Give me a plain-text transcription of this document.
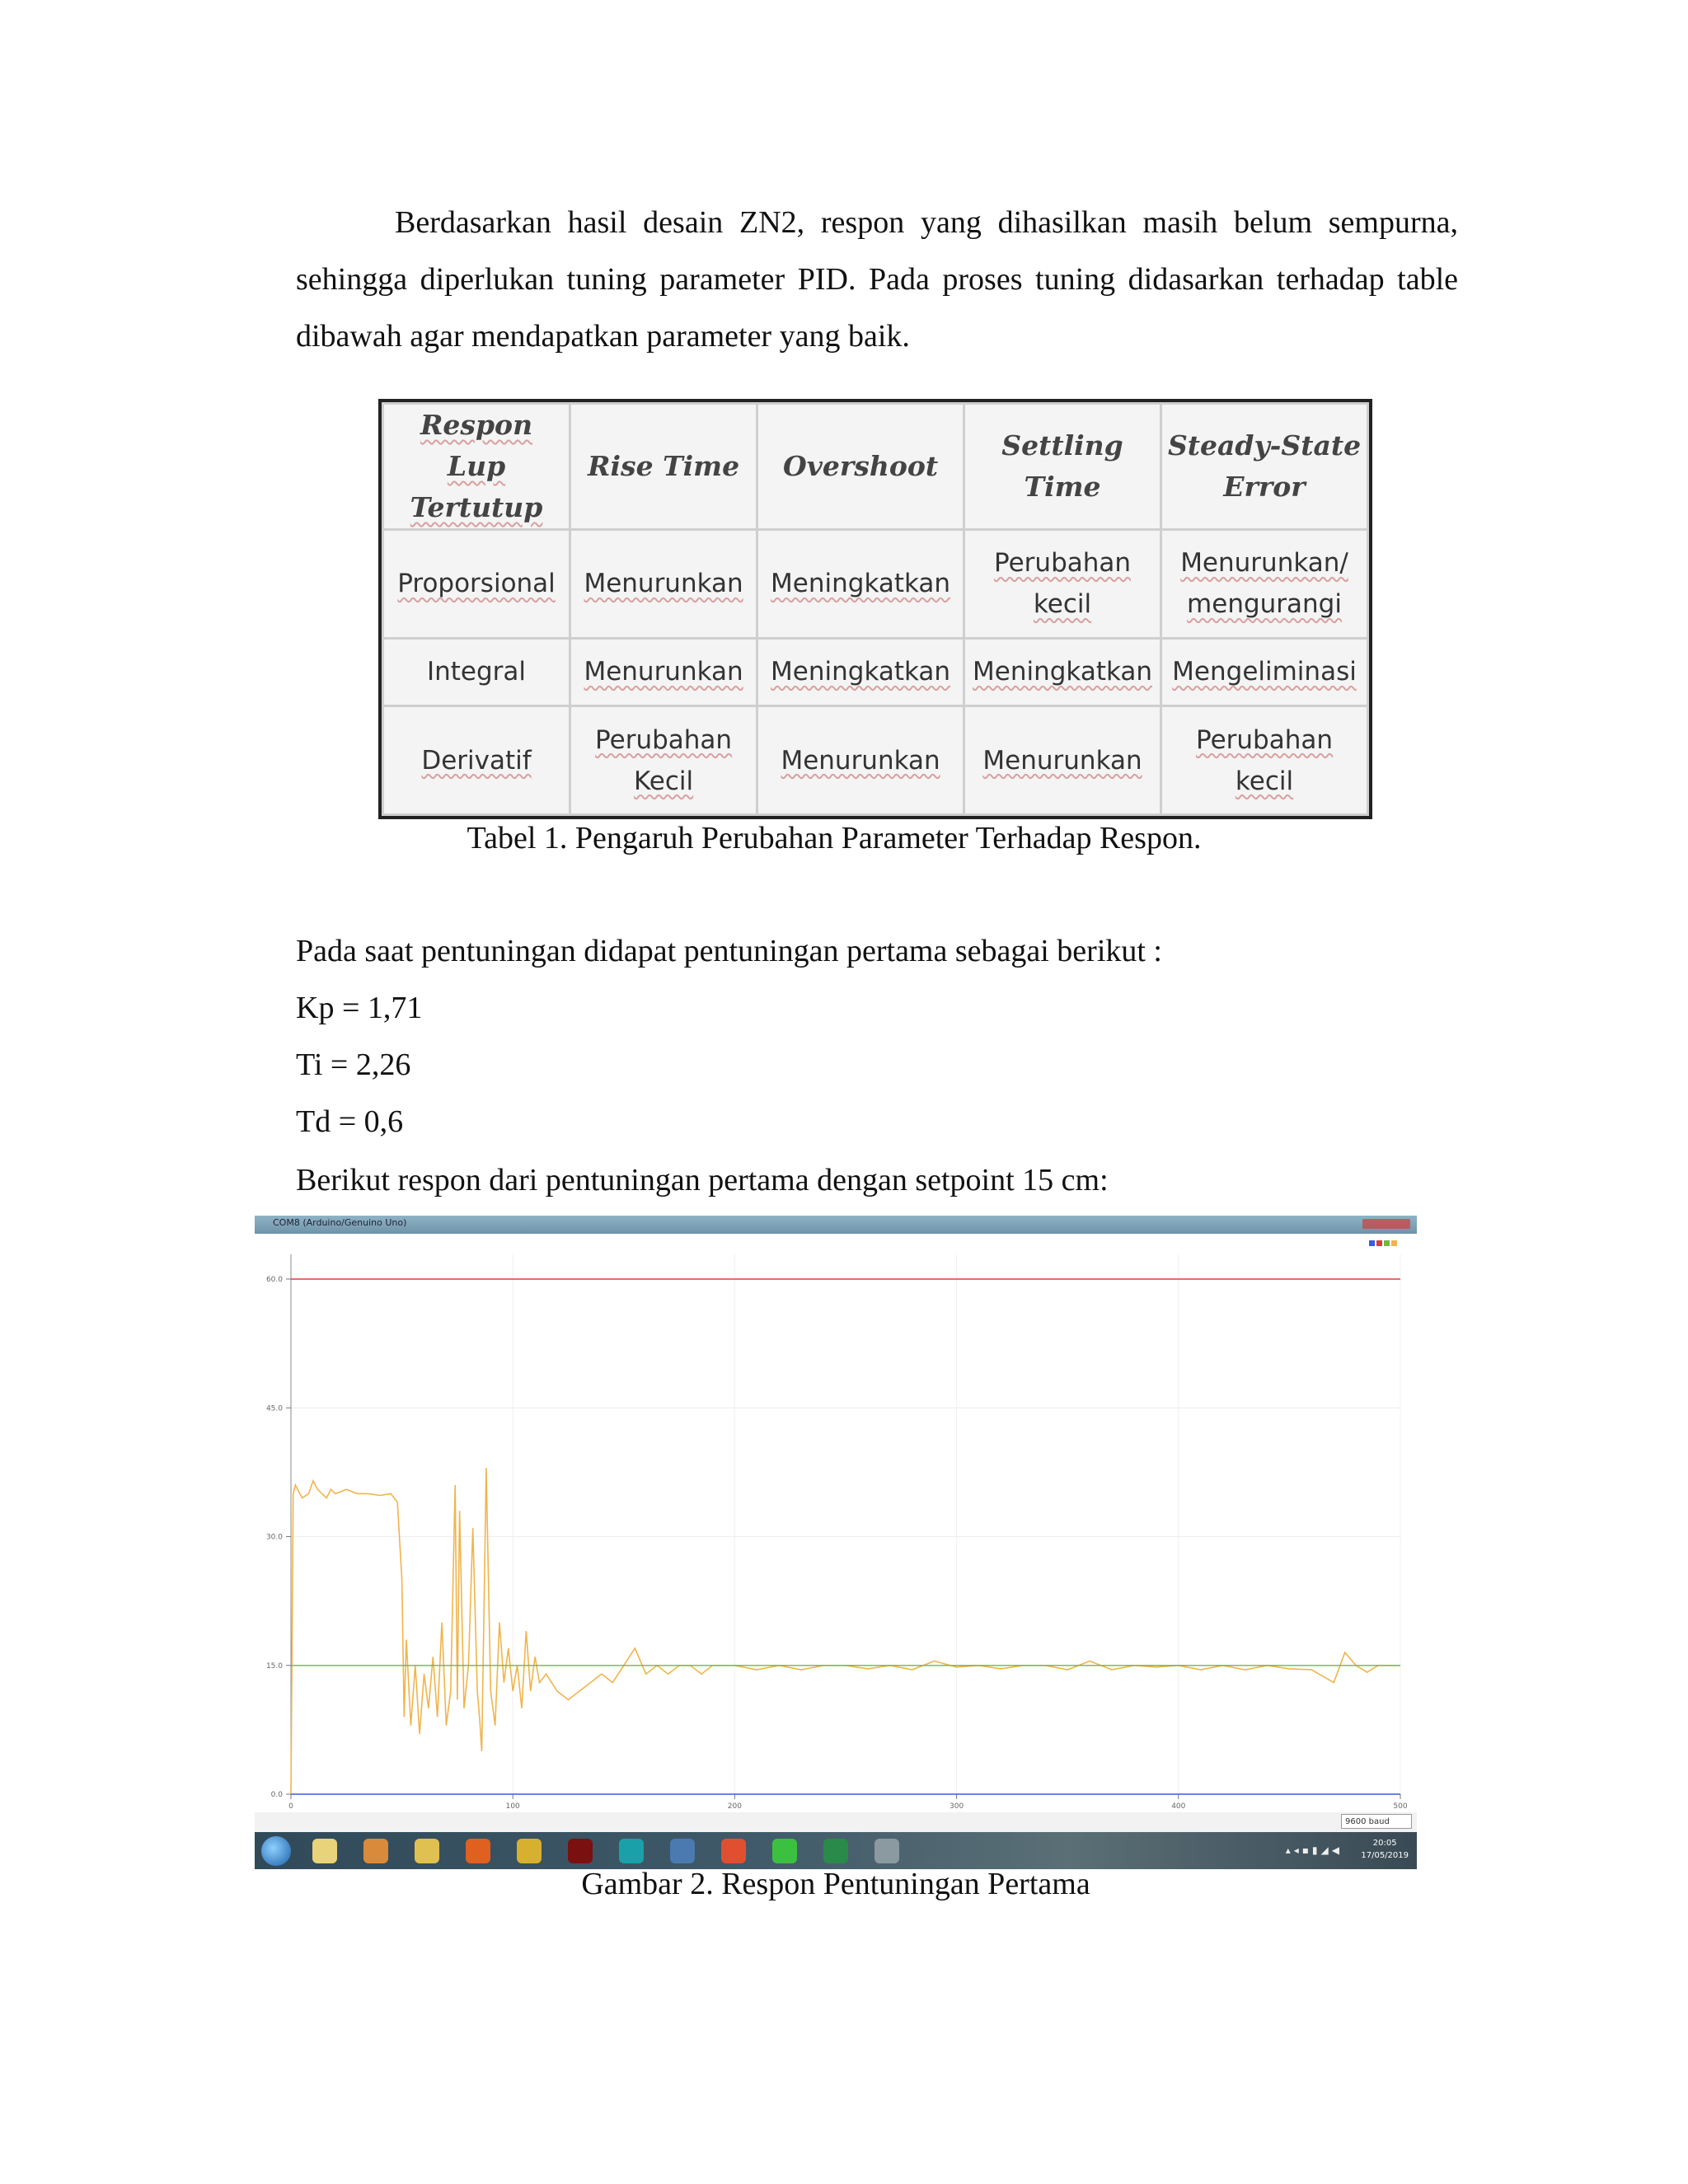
Berdasarkan hasil desain ZN2, respon yang dihasilkan masih belum sempurna, sehingga diperlukan tuning parameter PID. Pada proses tuning didasarkan terhadap table dibawah agar mendapatkan parameter yang baik.

Respon Lup Tertutup	Rise Time	Overshoot	Settling Time	Steady-State Error
Proporsional	Menurunkan	Meningkatkan	Perubahan kecil	Menurunkan/ mengurangi
Integral	Menurunkan	Meningkatkan	Meningkatkan	Mengeliminasi
Derivatif	Perubahan Kecil	Menurunkan	Menurunkan	Perubahan kecil
Tabel 1. Pengaruh Perubahan Parameter Terhadap Respon.

Pada saat pentuningan didapat pentuningan pertama sebagai berikut :

Kp = 1,71

Ti = 2,26

Td = 0,6

Berikut respon dari pentuningan pertama dengan setpoint 15 cm:

COM8 (Arduino/Genuino Uno)
60.0
45.0
30.0
15.0
0.0
0	100	200	300	400	500
9600 baud
▴◂▪▮◢◀
20:05
17/05/2019
Gambar 2. Respon Pentuningan Pertama
